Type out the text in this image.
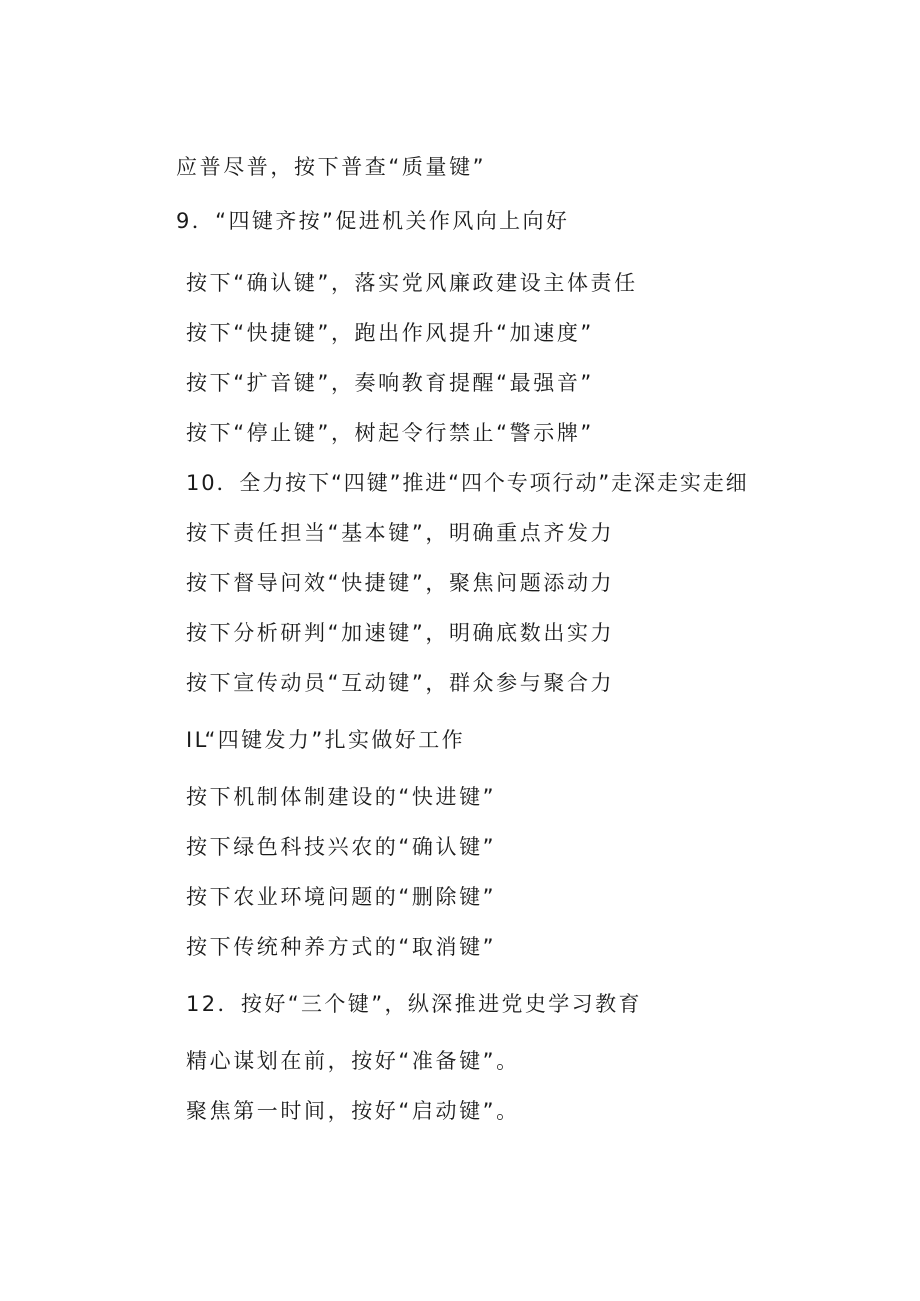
应普尽普，按下普查“质量键”
9．“四键齐按”促进机关作风向上向好
按下“确认键”，落实党风廉政建设主体责任
按下“快捷键”，跑出作风提升“加速度”
按下“扩音键”，奏响教育提醒“最强音”
按下“停止键”，树起令行禁止“警示牌”
10．全力按下“四键”推进“四个专项行动”走深走实走细
按下责任担当“基本键”，明确重点齐发力
按下督导问效“快捷键”，聚焦问题添动力
按下分析研判“加速键”，明确底数出实力
按下宣传动员“互动键”，群众参与聚合力
IL“四键发力”扎实做好工作
按下机制体制建设的“快进键”
按下绿色科技兴农的“确认键”
按下农业环境问题的“删除键”
按下传统种养方式的“取消键”
12．按好“三个键”，纵深推进党史学习教育
精心谋划在前，按好“准备键”。
聚焦第一时间，按好“启动键”。
